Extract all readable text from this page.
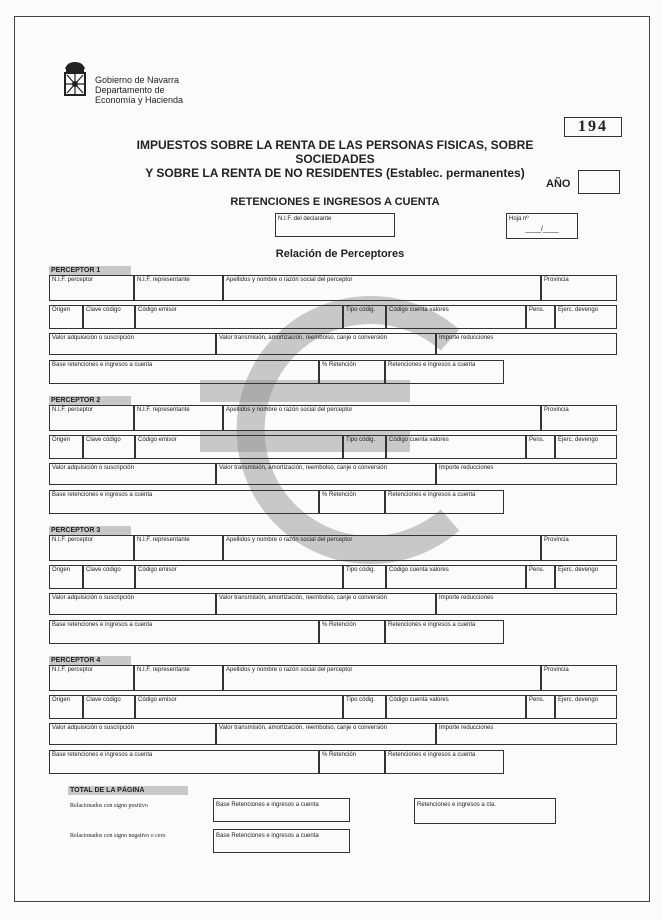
Gobierno de Navarra
Departamento de
Economía y Hacienda
194
IMPUESTOS SOBRE LA RENTA DE LAS PERSONAS FISICAS, SOBRE SOCIEDADES
Y SOBRE LA RENTA DE NO RESIDENTES (Establec. permanentes)
AÑO
RETENCIONES E INGRESOS A CUENTA
N.I.F. del declarante	Hoja nº
____/____
Relación de Perceptores
PERCEPTOR 1
N.I.F. perceptor	N.I.F. representante	Apellidos y nombre o razón social del perceptor	Provincia
Origen	Clave código	Código emisor	Tipo códig.	Código cuenta valores	Pens.	Ejerc. devengo
Valor adquisición o suscripción	Valor transmisión, amortización, reembolso, canje o conversión	Importe reducciones
Base retenciones e ingresos a cuenta	% Retención	Retenciones e ingresos a cuenta
PERCEPTOR 2
N.I.F. perceptor	N.I.F. representante	Apellidos y nombre o razón social del perceptor	Provincia
Origen	Clave código	Código emisor	Tipo códig.	Código cuenta valores	Pens.	Ejerc. devengo
Valor adquisición o suscripción	Valor transmisión, amortización, reembolso, canje o conversión	Importe reducciones
Base retenciones e ingresos a cuenta	% Retención	Retenciones e ingresos a cuenta
PERCEPTOR 3
N.I.F. perceptor	N.I.F. representante	Apellidos y nombre o razón social del perceptor	Provincia
Origen	Clave código	Código emisor	Tipo códig.	Código cuenta valores	Pens.	Ejerc. devengo
Valor adquisición o suscripción	Valor transmisión, amortización, reembolso, canje o conversión	Importe reducciones
Base retenciones e ingresos a cuenta	% Retención	Retenciones e ingresos a cuenta
PERCEPTOR 4
N.I.F. perceptor	N.I.F. representante	Apellidos y nombre o razón social del perceptor	Provincia
Origen	Clave código	Código emisor	Tipo códig.	Código cuenta valores	Pens.	Ejerc. devengo
Valor adquisición o suscripción	Valor transmisión, amortización, reembolso, canje o conversión	Importe reducciones
Base retenciones e ingresos a cuenta	% Retención	Retenciones e ingresos a cuenta
TOTAL DE LA PÁGINA
Relacionados con signo positivo	Base Retenciones e ingresos a cuenta	Retenciones e ingresos a cta.
Relacionados con signo negativo o cero	Base Retenciones e ingresos a cuenta
